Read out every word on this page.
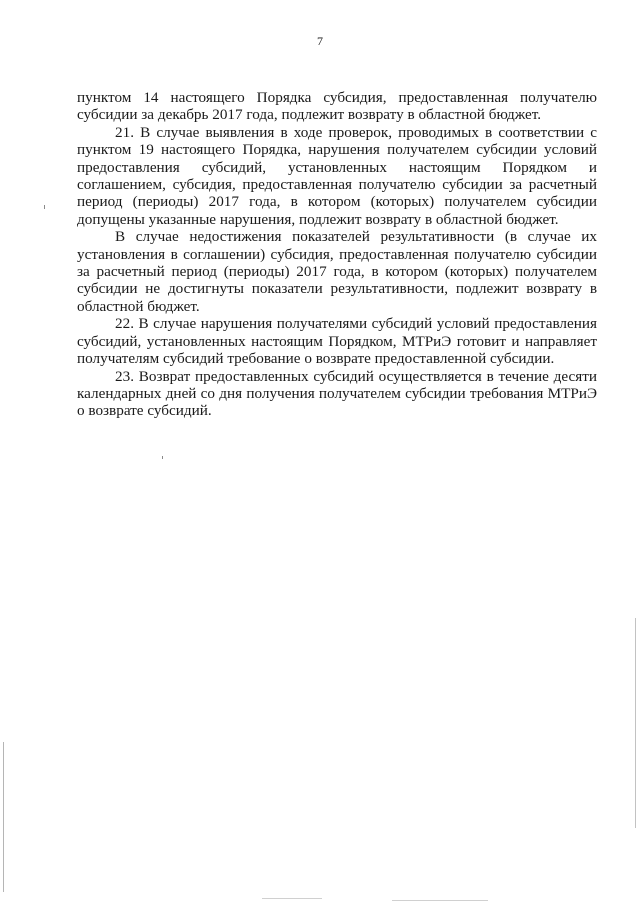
7

пунктом 14 настоящего Порядка субсидия, предоставленная получателю субсидии за декабрь 2017 года, подлежит возврату в областной бюджет.

21. В случае выявления в ходе проверок, проводимых в соответствии с пунктом 19 настоящего Порядка, нарушения получателем субсидии условий предоставления субсидий, установленных настоящим Порядком и соглашением, субсидия, предоставленная получателю субсидии за расчетный период (периоды) 2017 года, в котором (которых) получателем субсидии допущены указанные нарушения, подлежит возврату в областной бюджет.

В случае недостижения показателей результативности (в случае их установления в соглашении) субсидия, предоставленная получателю субсидии за расчетный период (периоды) 2017 года, в котором (которых) получателем субсидии не достигнуты показатели результативности, подлежит возврату в областной бюджет.

22. В случае нарушения получателями субсидий условий предоставления субсидий, установленных настоящим Порядком, МТРиЭ готовит и направляет получателям субсидий требование о возврате предоставленной субсидии.

23. Возврат предоставленных субсидий осуществляется в течение десяти календарных дней со дня получения получателем субсидии требования МТРиЭ о возврате субсидий.
